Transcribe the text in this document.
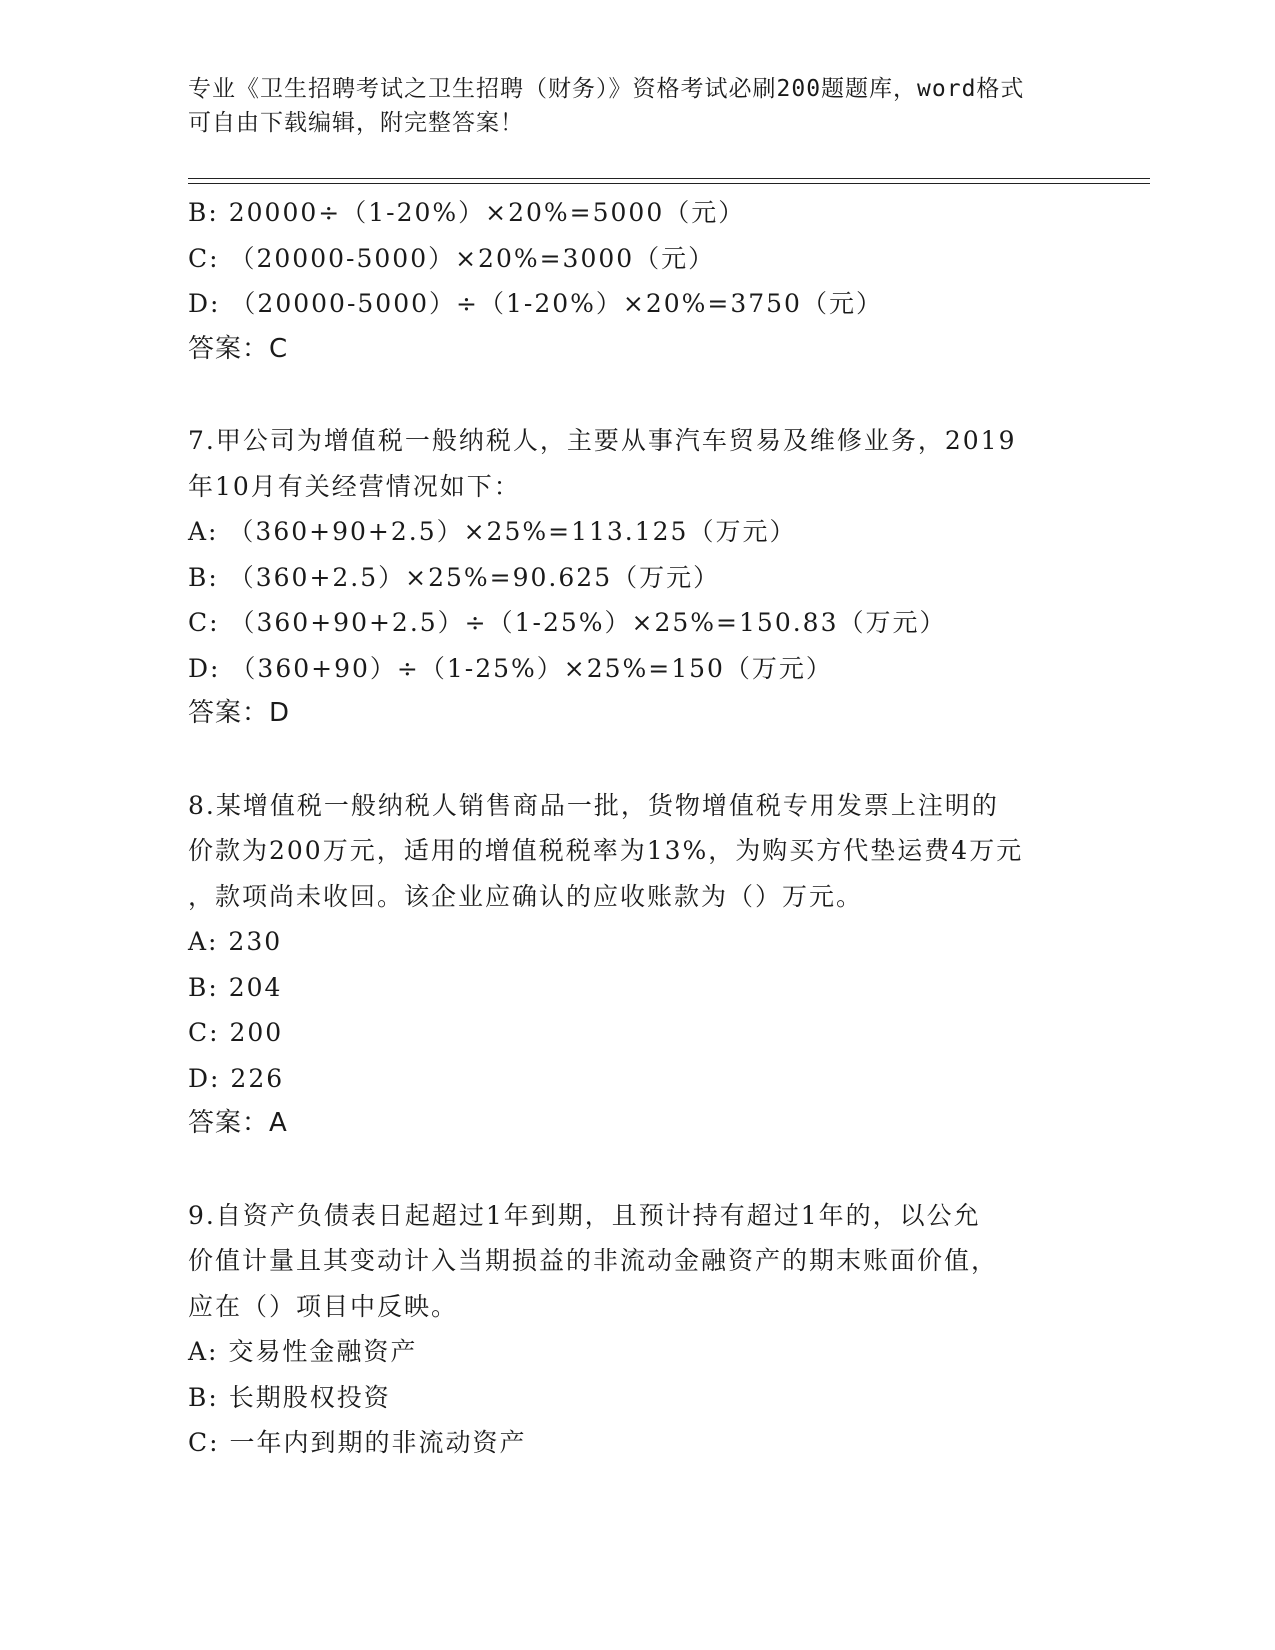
专业《卫生招聘考试之卫生招聘（财务）》资格考试必刷200题题库，word格式
可自由下载编辑，附完整答案！
B: 20000÷（1-20%）×20%=5000（元）
C: （20000-5000）×20%=3000（元）
D: （20000-5000）÷（1-20%）×20%=3750（元）
答案：C
7.甲公司为增值税一般纳税人，主要从事汽车贸易及维修业务，2019
年10月有关经营情况如下：
A: （360+90+2.5）×25%=113.125（万元）
B: （360+2.5）×25%=90.625（万元）
C: （360+90+2.5）÷（1-25%）×25%=150.83（万元）
D: （360+90）÷（1-25%）×25%=150（万元）
答案：D
8.某增值税一般纳税人销售商品一批，货物增值税专用发票上注明的
价款为200万元，适用的增值税税率为13%，为购买方代垫运费4万元
，款项尚未收回。该企业应确认的应收账款为（）万元。
A: 230
B: 204
C: 200
D: 226
答案：A
9.自资产负债表日起超过1年到期，且预计持有超过1年的，以公允
价值计量且其变动计入当期损益的非流动金融资产的期末账面价值，
应在（）项目中反映。
A: 交易性金融资产
B: 长期股权投资
C: 一年内到期的非流动资产
